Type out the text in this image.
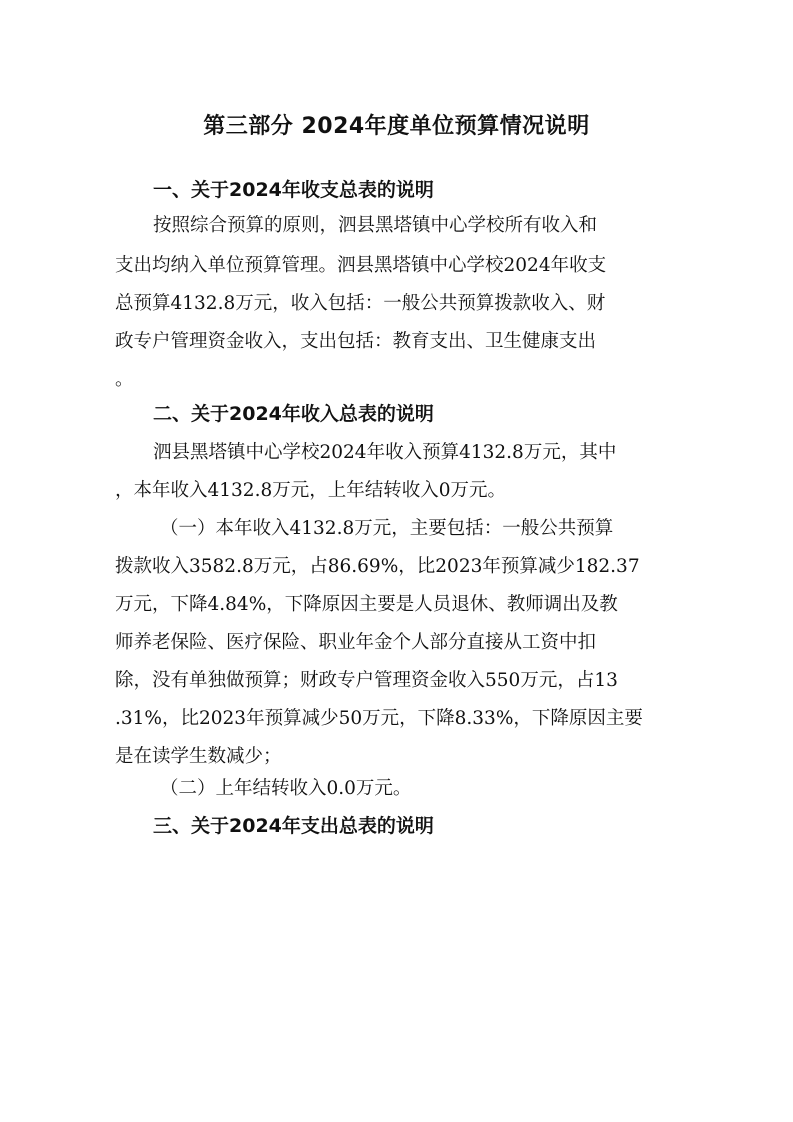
第三部分 2024年度单位预算情况说明
一、关于2024年收支总表的说明
按照综合预算的原则，泗县黑塔镇中心学校所有收入和
支出均纳入单位预算管理。泗县黑塔镇中心学校2024年收支
总预算4132.8万元，收入包括：一般公共预算拨款收入、财
政专户管理资金收入，支出包括：教育支出、卫生健康支出
。
二、关于2024年收入总表的说明
泗县黑塔镇中心学校2024年收入预算4132.8万元，其中
，本年收入4132.8万元，上年结转收入0万元。
（一）本年收入4132.8万元，主要包括：一般公共预算
拨款收入3582.8万元，占86.69%，比2023年预算减少182.37
万元，下降4.84%，下降原因主要是人员退休、教师调出及教
师养老保险、医疗保险、职业年金个人部分直接从工资中扣
除，没有单独做预算；财政专户管理资金收入550万元，占13
.31%，比2023年预算减少50万元，下降8.33%，下降原因主要
是在读学生数减少；
（二）上年结转收入0.0万元。
三、关于2024年支出总表的说明
